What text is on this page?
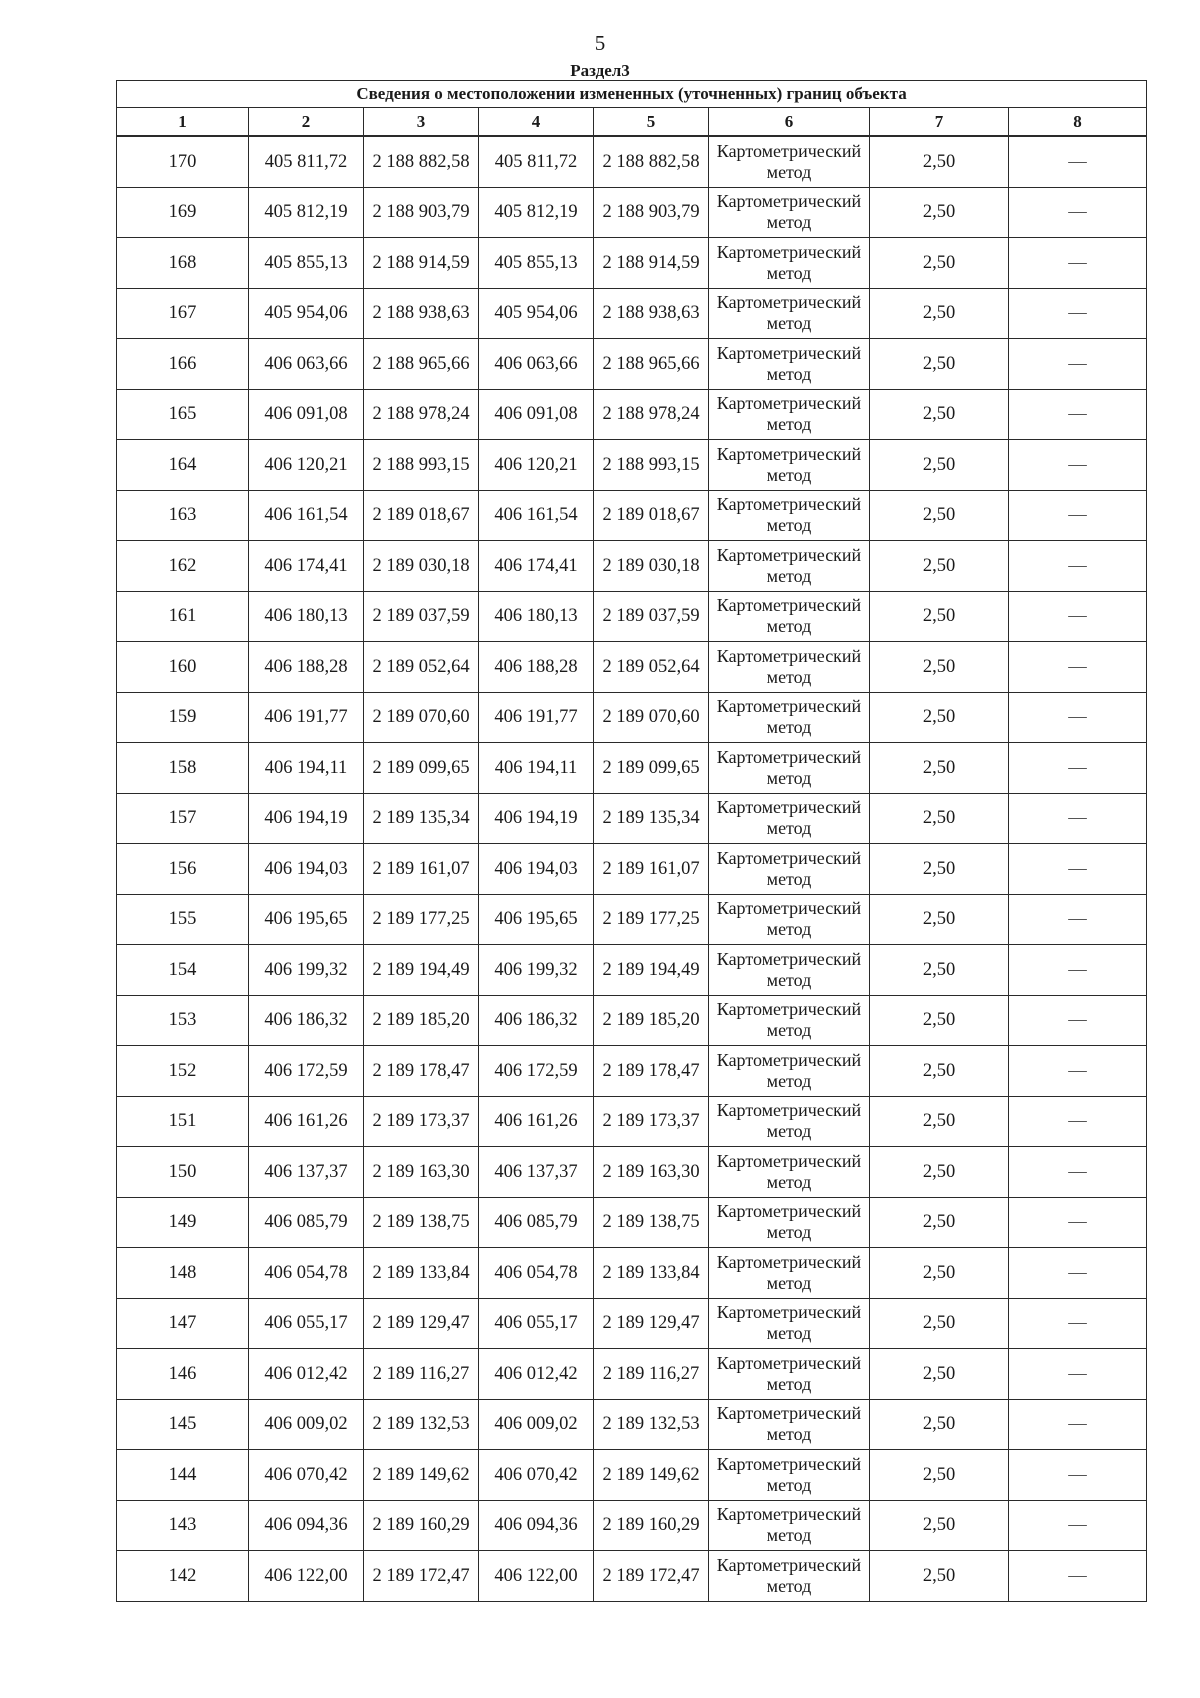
5
Раздел3
Сведения о местоположении измененных (уточненных) границ объекта							
1	2	3	4	5	6	7	8
170	405 811,72	2 188 882,58	405 811,72	2 188 882,58	Картометрический метод	2,50	—
169	405 812,19	2 188 903,79	405 812,19	2 188 903,79	Картометрический метод	2,50	—
168	405 855,13	2 188 914,59	405 855,13	2 188 914,59	Картометрический метод	2,50	—
167	405 954,06	2 188 938,63	405 954,06	2 188 938,63	Картометрический метод	2,50	—
166	406 063,66	2 188 965,66	406 063,66	2 188 965,66	Картометрический метод	2,50	—
165	406 091,08	2 188 978,24	406 091,08	2 188 978,24	Картометрический метод	2,50	—
164	406 120,21	2 188 993,15	406 120,21	2 188 993,15	Картометрический метод	2,50	—
163	406 161,54	2 189 018,67	406 161,54	2 189 018,67	Картометрический метод	2,50	—
162	406 174,41	2 189 030,18	406 174,41	2 189 030,18	Картометрический метод	2,50	—
161	406 180,13	2 189 037,59	406 180,13	2 189 037,59	Картометрический метод	2,50	—
160	406 188,28	2 189 052,64	406 188,28	2 189 052,64	Картометрический метод	2,50	—
159	406 191,77	2 189 070,60	406 191,77	2 189 070,60	Картометрический метод	2,50	—
158	406 194,11	2 189 099,65	406 194,11	2 189 099,65	Картометрический метод	2,50	—
157	406 194,19	2 189 135,34	406 194,19	2 189 135,34	Картометрический метод	2,50	—
156	406 194,03	2 189 161,07	406 194,03	2 189 161,07	Картометрический метод	2,50	—
155	406 195,65	2 189 177,25	406 195,65	2 189 177,25	Картометрический метод	2,50	—
154	406 199,32	2 189 194,49	406 199,32	2 189 194,49	Картометрический метод	2,50	—
153	406 186,32	2 189 185,20	406 186,32	2 189 185,20	Картометрический метод	2,50	—
152	406 172,59	2 189 178,47	406 172,59	2 189 178,47	Картометрический метод	2,50	—
151	406 161,26	2 189 173,37	406 161,26	2 189 173,37	Картометрический метод	2,50	—
150	406 137,37	2 189 163,30	406 137,37	2 189 163,30	Картометрический метод	2,50	—
149	406 085,79	2 189 138,75	406 085,79	2 189 138,75	Картометрический метод	2,50	—
148	406 054,78	2 189 133,84	406 054,78	2 189 133,84	Картометрический метод	2,50	—
147	406 055,17	2 189 129,47	406 055,17	2 189 129,47	Картометрический метод	2,50	—
146	406 012,42	2 189 116,27	406 012,42	2 189 116,27	Картометрический метод	2,50	—
145	406 009,02	2 189 132,53	406 009,02	2 189 132,53	Картометрический метод	2,50	—
144	406 070,42	2 189 149,62	406 070,42	2 189 149,62	Картометрический метод	2,50	—
143	406 094,36	2 189 160,29	406 094,36	2 189 160,29	Картометрический метод	2,50	—
142	406 122,00	2 189 172,47	406 122,00	2 189 172,47	Картометрический метод	2,50	—
